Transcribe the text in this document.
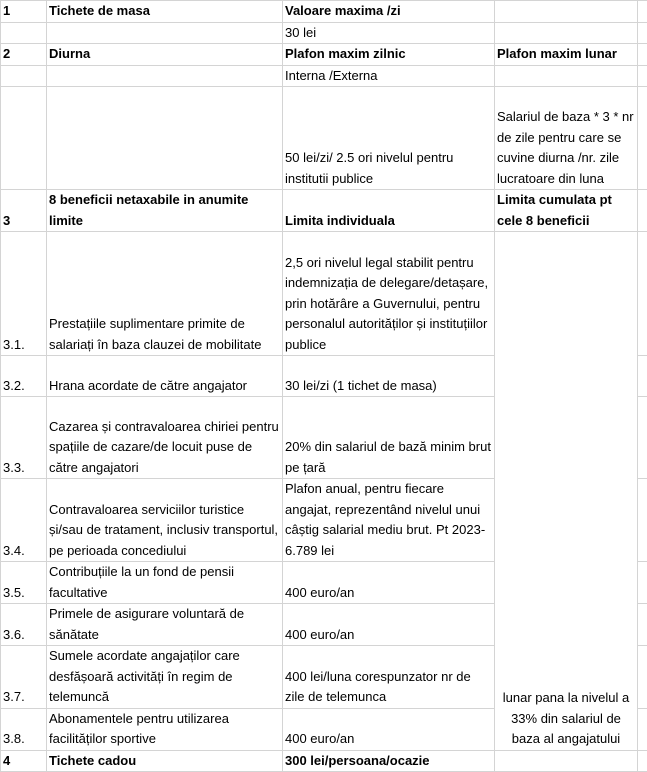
1	Tichete de masa	Valoare maxima /zi		
		30 lei		
2	Diurna	Plafon maxim zilnic	Plafon maxim lunar	
		Interna /Externa		
		50 lei/zi/ 2.5 ori nivelul pentru institutii publice	Salariul de baza * 3 * nr de zile pentru care se cuvine diurna /nr. zile lucratoare din luna	
3	8 beneficii netaxabile in anumite limite	Limita individuala	Limita cumulata pt cele 8 beneficii	
3.1.	Prestațiile suplimentare primite de salariați în baza clauzei de mobilitate	2,5 ori nivelul legal stabilit pentru indemnizația de delegare/detașare, prin hotărâre a Guvernului, pentru personalul autorităților și instituțiilor publice	lunar pana la nivelul a 33% din salariul de baza al angajatului	
3.2.	Hrana acordate de către angajator	30 lei/zi (1 tichet de masa)		
3.3.	Cazarea și contravaloarea chiriei pentru spațiile de cazare/de locuit puse de către angajatori	20% din salariul de bază minim brut pe țară		
3.4.	Contravaloarea serviciilor turistice și/sau de tratament, inclusiv transportul, pe perioada concediului	Plafon anual, pentru fiecare angajat, reprezentând nivelul unui câștig salarial mediu brut. Pt 2023-6.789 lei		
3.5.	Contribuțiile la un fond de pensii facultative	400 euro/an		
3.6.	Primele de asigurare voluntară de sănătate	400 euro/an		
3.7.	Sumele acordate angajaților care desfășoară activități în regim de telemuncă	400 lei/luna corespunzator nr de zile de telemunca		
3.8.	Abonamentele pentru utilizarea facilităților sportive	400 euro/an		
4	Tichete cadou	300 lei/persoana/ocazie		
